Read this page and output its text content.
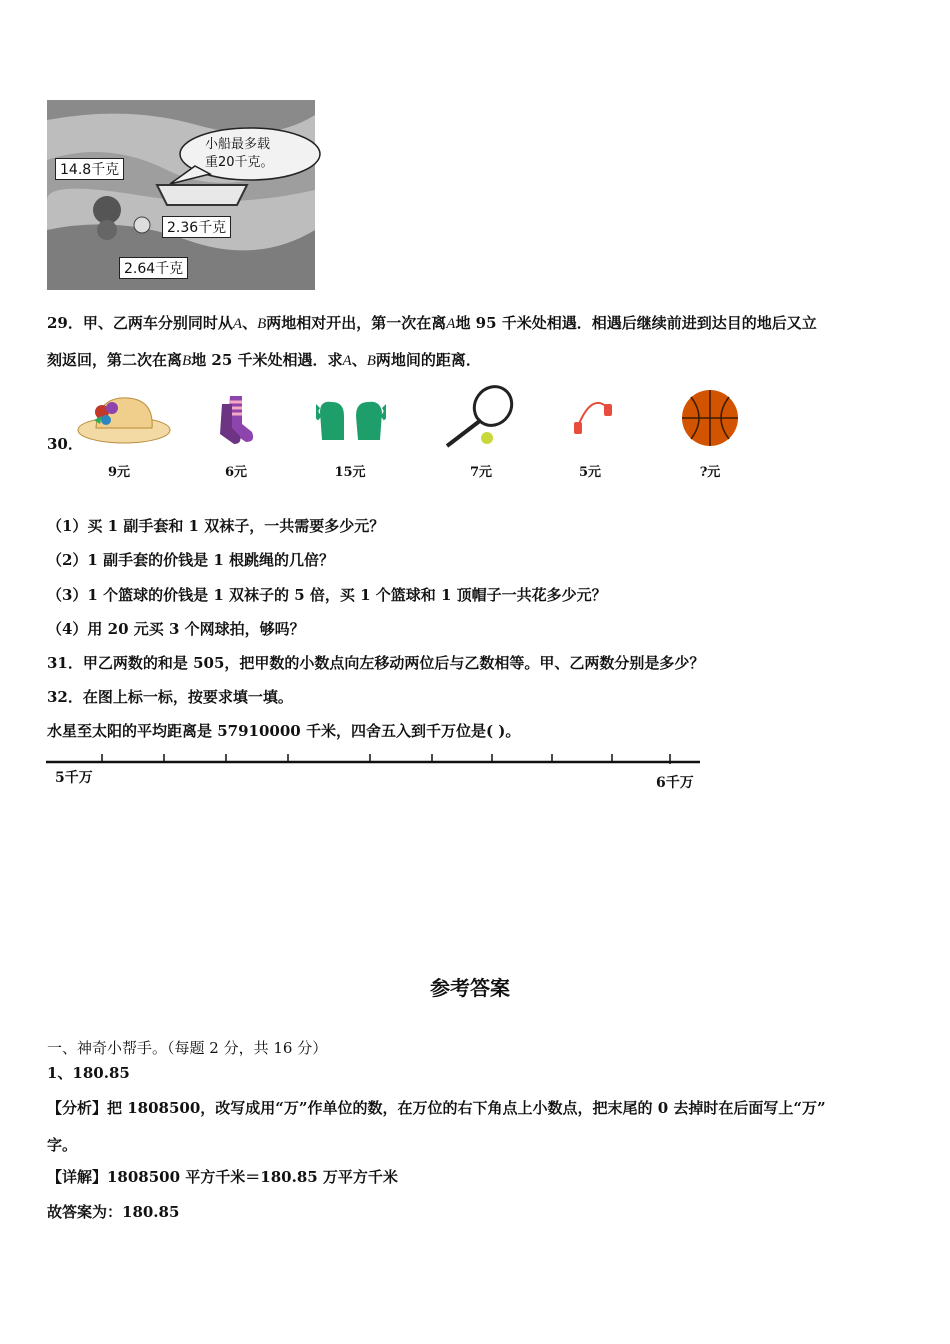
小船最多载
重20千克。
14.8千克
2.36千克
2.64千克
29．甲、乙两车分别同时从A、B两地相对开出，第一次在离A地 95 千米处相遇．相遇后继续前进到达目的地后又立
刻返回，第二次在离B地 25 千米处相遇．求A、B两地间的距离．
30．
9元	6元	15元	7元	5元	?元
（1）买 1 副手套和 1 双袜子，一共需要多少元？
（2）1 副手套的价钱是 1 根跳绳的几倍？
（3）1 个篮球的价钱是 1 双袜子的 5 倍，买 1 个篮球和 1 顶帽子一共花多少元？
（4）用 20 元买 3 个网球拍，够吗？
31．甲乙两数的和是 505，把甲数的小数点向左移动两位后与乙数相等。甲、乙两数分别是多少？
32．在图上标一标，按要求填一填。
水星至太阳的平均距离是 57910000 千米，四舍五入到千万位是( )。
5千万	6千万
参考答案
一、神奇小帮手。（每题 2 分，共 16 分）
1、180.85
【分析】把 1808500，改写成用“万”作单位的数，在万位的右下角点上小数点，把末尾的 0 去掉时在后面写上“万”
字。
【详解】1808500 平方千米＝180.85 万平方千米
故答案为：180.85
